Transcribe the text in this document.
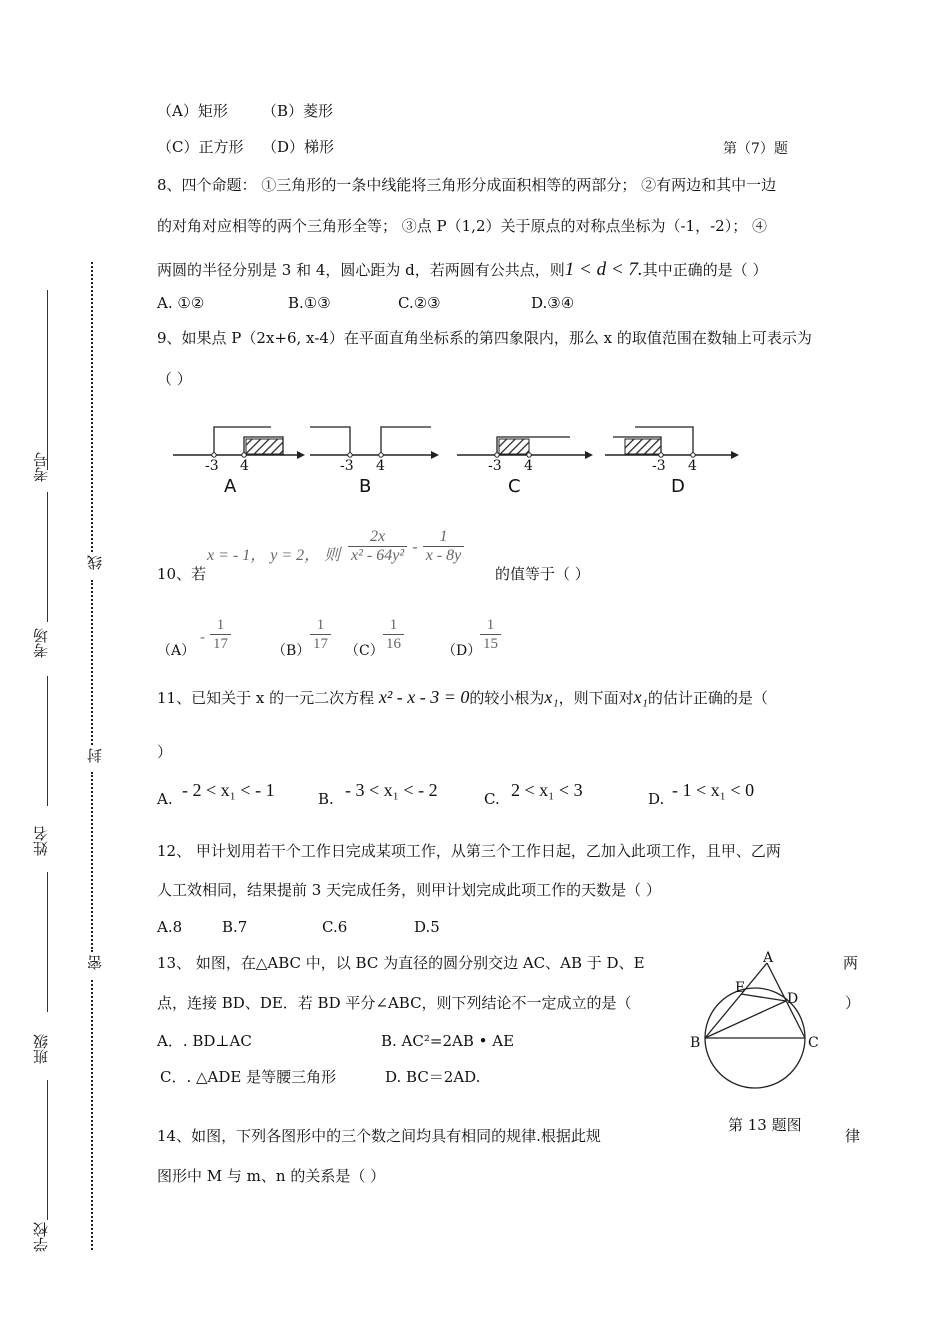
考号
考场
姓名
班级
学校
线
封
密
（A）矩形 （B）菱形
（C）正方形 （D）梯形	第（7）题
8、四个命题： ①三角形的一条中线能将三角形分成面积相等的两部分； ②有两边和其中一边
的对角对应相等的两个三角形全等； ③点 P（1,2）关于原点的对称点坐标为（-1，-2）； ④
两圆的半径分别是 3 和 4，圆心距为 d，若两圆有公共点，则1 < d < 7.其中正确的是（ ）
A. ①②	B.①③	C.②③	D.③④
9、如果点 P（2x+6, x-4）在平面直角坐标系的第四象限内，那么 x 的取值范围在数轴上可表示为
（ ）
-3 4
A
-3 4
B
-3 4
C
-3 4
D
x = - 1， y = 2， 则 $\frac{2x}{\text{x² - 64y²}} - \frac{1}{x - 8y}$
10、若	的值等于（ ）
（A）
- $\frac{1}{17}$	$(B) \frac{1}{17} (C) \frac{1}{16}$	（D）
$\frac{1}{15}$
11、已知关于 x 的一元二次方程 x² - x - 3 = 0的较小根为x₁，则下面对x₁的估计正确的是（
）
A. - 2 < x₁ < - 1	B. - 3 < x₁ < - 2	C. 2 < x₁ < 3	D. - 1 < x₁ < 0
12、 甲计划用若干个工作日完成某项工作，从第三个工作日起，乙加入此项工作，且甲、乙两
人工效相同，结果提前 3 天完成任务，则甲计划完成此项工作的天数是（ ）
A.8	B.7	C.6	D.5
13、 如图，在△ABC 中，以 BC 为直径的圆分别交边 AC、AB 于 D、E	两
点，连接 BD、DE．若 BD 平分∠ABC，则下列结论不一定成立的是（	）
A．. BD⊥AC	B. AC²=2AB • AE
C．. △ADE 是等腰三角形	D. BC＝2AD.
A
E
D
B	C
第 13 题图
14、如图，下列各图形中的三个数之间均具有相同的规律.根据此规	律
图形中 M 与 m、n 的关系是（ ）
